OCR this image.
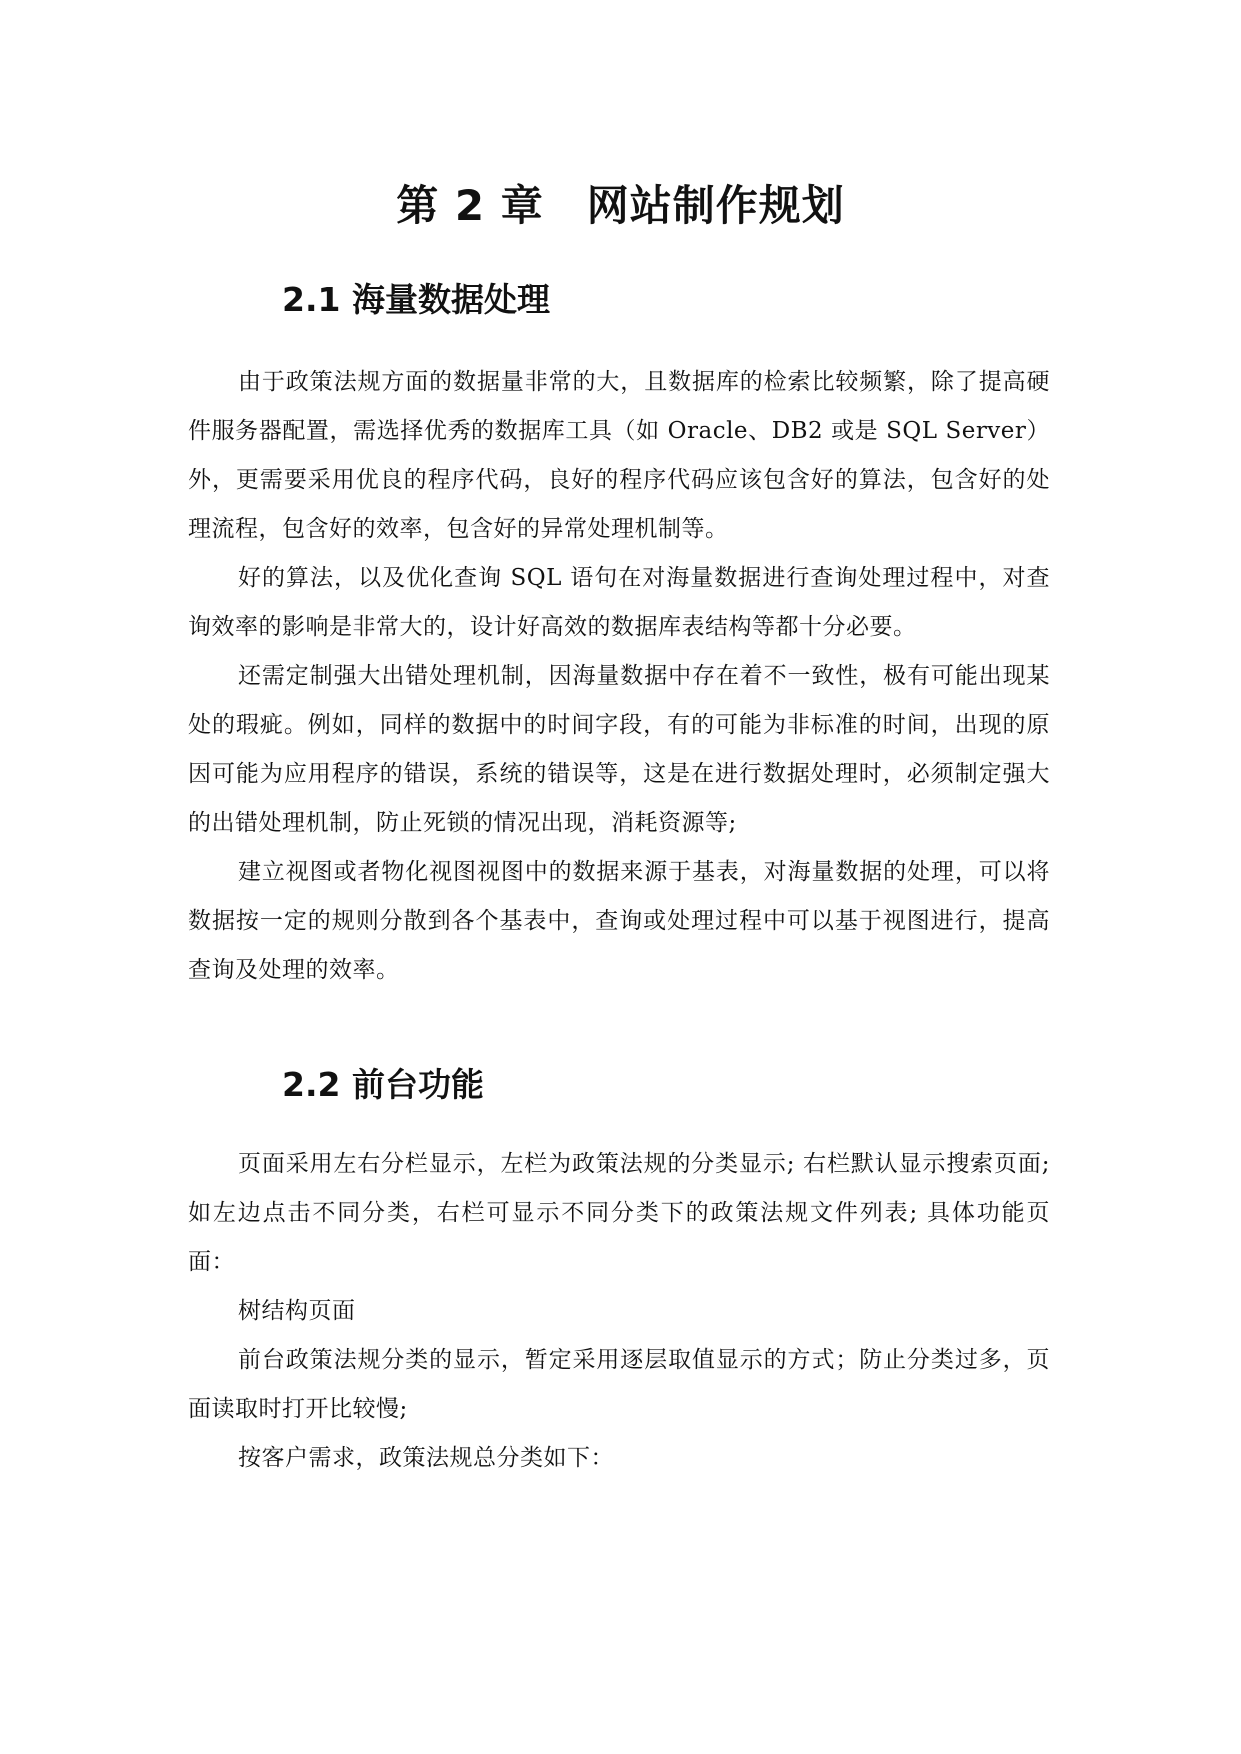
第 2 章　网站制作规划
2.1 海量数据处理

由于政策法规方面的数据量非常的大，且数据库的检索比较频繁，除了提高硬件服务器配置，需选择优秀的数据库工具（如 Oracle、DB2 或是 SQL Server）外，更需要采用优良的程序代码，良好的程序代码应该包含好的算法，包含好的处理流程，包含好的效率，包含好的异常处理机制等。

好的算法，以及优化查询 SQL 语句在对海量数据进行查询处理过程中，对查询效率的影响是非常大的，设计好高效的数据库表结构等都十分必要。

还需定制强大出错处理机制，因海量数据中存在着不一致性，极有可能出现某处的瑕疵。例如，同样的数据中的时间字段，有的可能为非标准的时间，出现的原因可能为应用程序的错误，系统的错误等，这是在进行数据处理时，必须制定强大的出错处理机制，防止死锁的情况出现，消耗资源等;

建立视图或者物化视图视图中的数据来源于基表，对海量数据的处理，可以将数据按一定的规则分散到各个基表中，查询或处理过程中可以基于视图进行，提高查询及处理的效率。

2.2 前台功能

页面采用左右分栏显示，左栏为政策法规的分类显示; 右栏默认显示搜索页面; 如左边点击不同分类，右栏可显示不同分类下的政策法规文件列表; 具体功能页面：

树结构页面

前台政策法规分类的显示，暂定采用逐层取值显示的方式；防止分类过多，页面读取时打开比较慢;

按客户需求，政策法规总分类如下：
